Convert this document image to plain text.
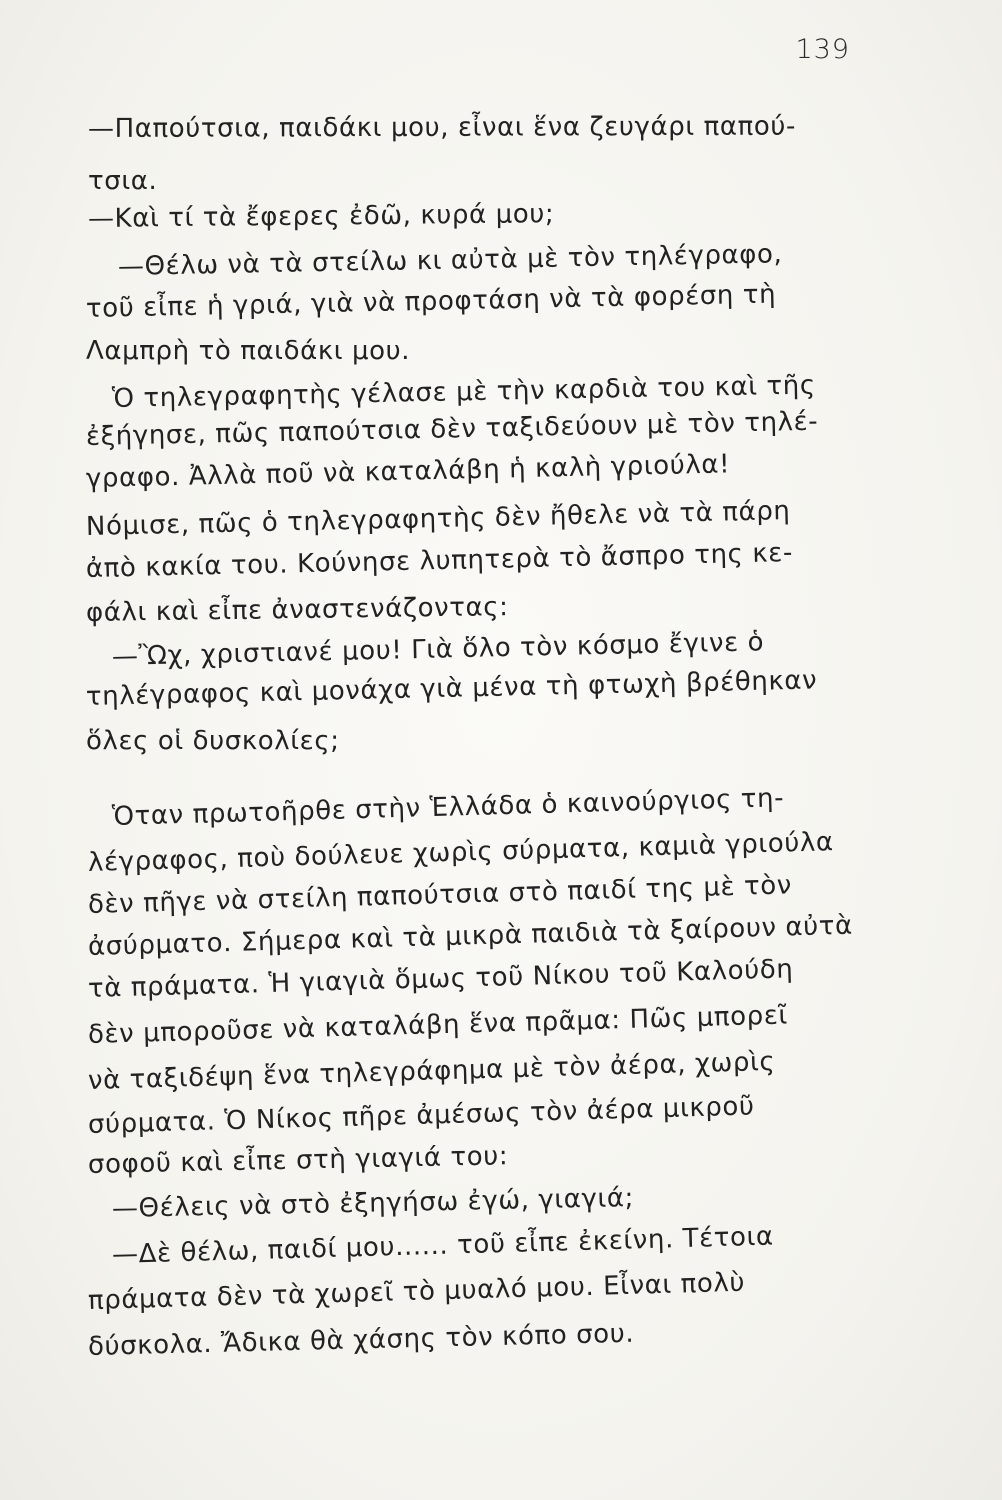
139
—Παπούτσια, παιδάκι μου, εἶναι ἕνα ζευγάρι παπού-
τσια.
—Καὶ τί τὰ ἔφερες ἐδῶ, κυρά μου;
—Θέλω νὰ τὰ στείλω κι αὐτὰ μὲ τὸν τηλέγραφο,
τοῦ εἶπε ἡ γριά, γιὰ νὰ προφτάση νὰ τὰ φορέση τὴ
Λαμπρὴ τὸ παιδάκι μου.
Ὁ τηλεγραφητὴς γέλασε μὲ τὴν καρδιὰ του καὶ τῆς
ἐξήγησε, πῶς παπούτσια δὲν ταξιδεύουν μὲ τὸν τηλέ-
γραφο. Ἀλλὰ ποῦ νὰ καταλάβη ἡ καλὴ γριούλα!
Νόμισε, πῶς ὁ τηλεγραφητὴς δὲν ἤθελε νὰ τὰ πάρη
ἀπὸ κακία του. Κούνησε λυπητερὰ τὸ ἄσπρο της κε-
φάλι καὶ εἶπε ἀναστενάζοντας:
—Ὢχ, χριστιανέ μου! Γιὰ ὅλο τὸν κόσμο ἔγινε ὁ
τηλέγραφος καὶ μονάχα γιὰ μένα τὴ φτωχὴ βρέθηκαν
ὅλες οἱ δυσκολίες;
Ὁταν πρωτοῆρθε στὴν Ἑλλάδα ὁ καινούργιος τη-
λέγραφος, ποὺ δούλευε χωρὶς σύρματα, καμιὰ γριούλα
δὲν πῆγε νὰ στείλη παπούτσια στὸ παιδί της μὲ τὸν
ἀσύρματο. Σήμερα καὶ τὰ μικρὰ παιδιὰ τὰ ξαίρουν αὐτὰ
τὰ πράματα. Ἡ γιαγιὰ ὅμως τοῦ Νίκου τοῦ Καλούδη
δὲν μποροῦσε νὰ καταλάβη ἕνα πρᾶμα: Πῶς μπορεῖ
νὰ ταξιδέψη ἕνα τηλεγράφημα μὲ τὸν ἀέρα, χωρὶς
σύρματα. Ὁ Νίκος πῆρε ἀμέσως τὸν ἀέρα μικροῦ
σοφοῦ καὶ εἶπε στὴ γιαγιά του:
—Θέλεις νὰ στὸ ἐξηγήσω ἐγώ, γιαγιά;
—Δὲ θέλω, παιδί μου...... τοῦ εἶπε ἐκείνη. Τέτοια
πράματα δὲν τὰ χωρεῖ τὸ μυαλό μου. Εἶναι πολὺ
δύσκολα. Ἄδικα θὰ χάσης τὸν κόπο σου.
